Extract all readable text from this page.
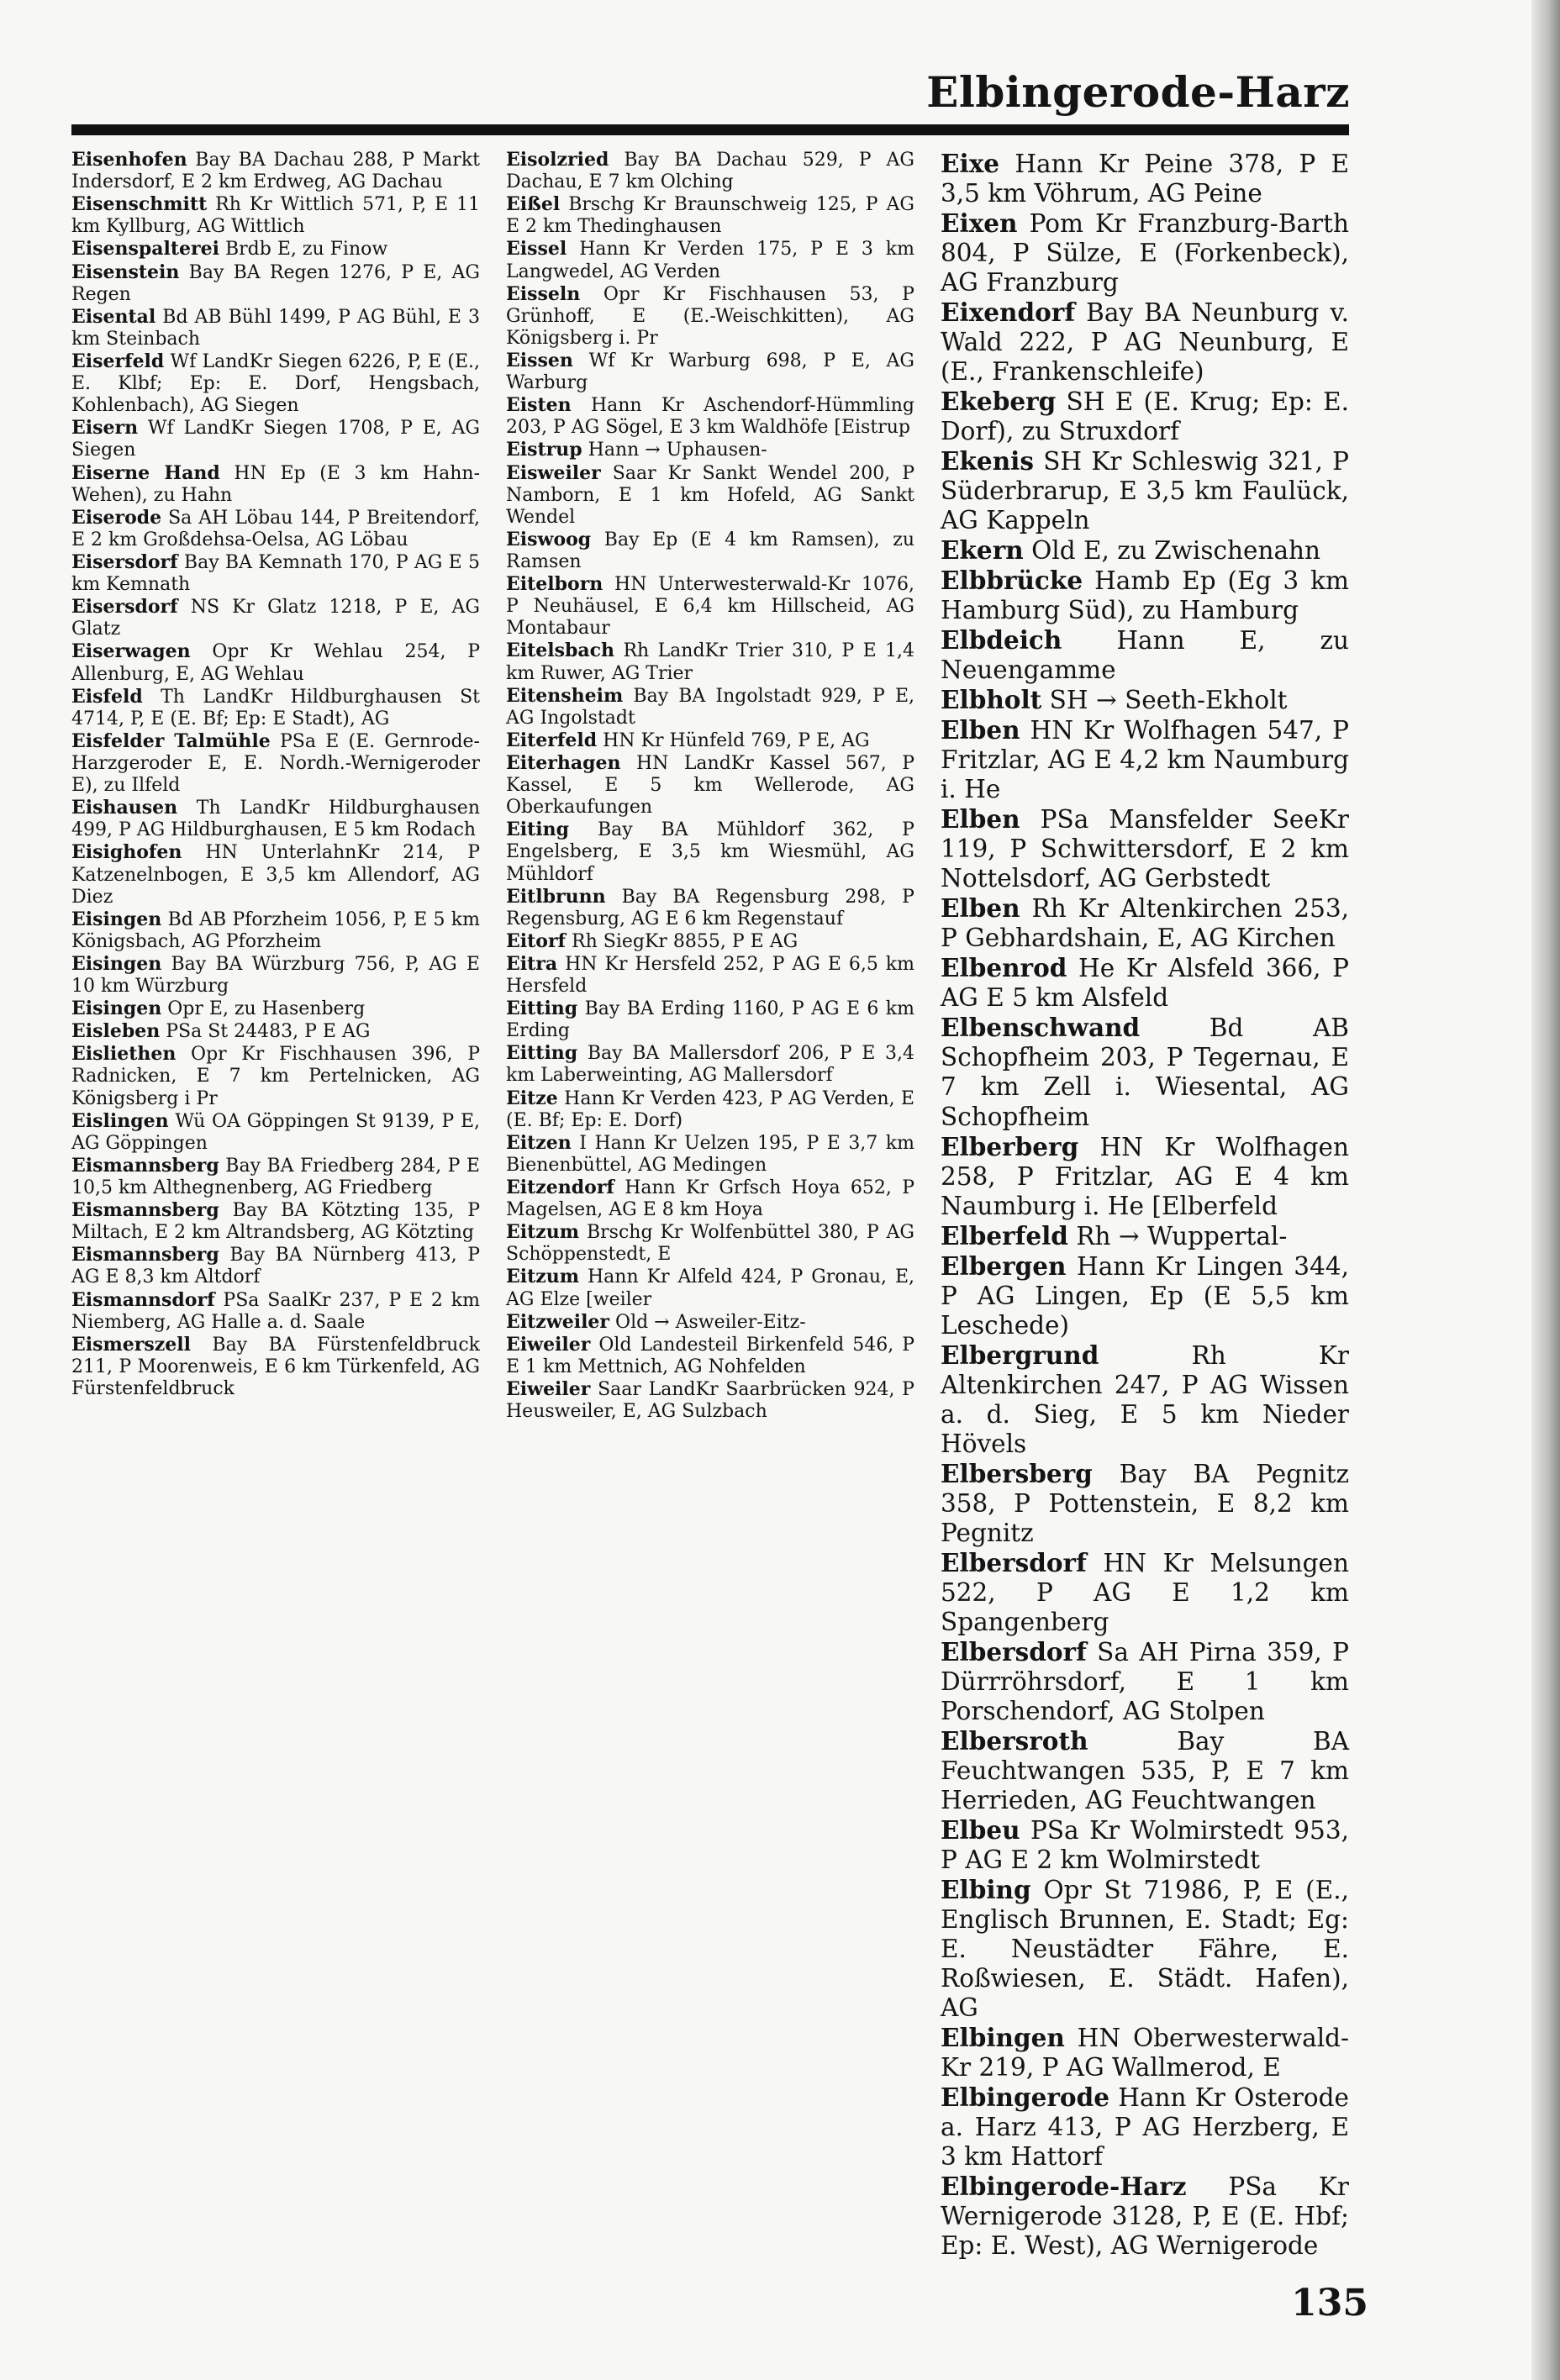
Elbingerode-Harz

Eisenhofen Bay BA Dachau 288, P Markt Indersdorf, E 2 km Erdweg, AG Dachau

Eisenschmitt Rh Kr Wittlich 571, P, E 11 km Kyllburg, AG Wittlich

Eisenspalterei Brdb E, zu Finow

Eisenstein Bay BA Regen 1276, P E, AG Regen

Eisental Bd AB Bühl 1499, P AG Bühl, E 3 km Steinbach

Eiserfeld Wf LandKr Siegen 6226, P, E (E., E. Klbf; Ep: E. Dorf, Hengsbach, Kohlenbach), AG Siegen

Eisern Wf LandKr Siegen 1708, P E, AG Siegen

Eiserne Hand HN Ep (E 3 km Hahn-Wehen), zu Hahn

Eiserode Sa AH Löbau 144, P Breitendorf, E 2 km Großdehsa-Oelsa, AG Löbau

Eisersdorf Bay BA Kemnath 170, P AG E 5 km Kemnath

Eisersdorf NS Kr Glatz 1218, P E, AG Glatz

Eiserwagen Opr Kr Wehlau 254, P Allenburg, E, AG Wehlau

Eisfeld Th LandKr Hildburghausen St 4714, P, E (E. Bf; Ep: E Stadt), AG

Eisfelder Talmühle PSa E (E. Gernrode-Harzgeroder E, E. Nordh.-Wernigeroder E), zu Ilfeld

Eishausen Th LandKr Hildburghausen 499, P AG Hildburghausen, E 5 km Rodach

Eisighofen HN UnterlahnKr 214, P Katzenelnbogen, E 3,5 km Allendorf, AG Diez

Eisingen Bd AB Pforzheim 1056, P, E 5 km Königsbach, AG Pforzheim

Eisingen Bay BA Würzburg 756, P, AG E 10 km Würzburg

Eisingen Opr E, zu Hasenberg

Eisleben PSa St 24483, P E AG

Eisliethen Opr Kr Fischhausen 396, P Radnicken, E 7 km Pertelnicken, AG Königsberg i Pr

Eislingen Wü OA Göppingen St 9139, P E, AG Göppingen

Eismannsberg Bay BA Friedberg 284, P E 10,5 km Althegnenberg, AG Friedberg

Eismannsberg Bay BA Kötzting 135, P Miltach, E 2 km Altrandsberg, AG Kötzting

Eismannsberg Bay BA Nürnberg 413, P AG E 8,3 km Altdorf

Eismannsdorf PSa SaalKr 237, P E 2 km Niemberg, AG Halle a. d. Saale

Eismerszell Bay BA Fürstenfeldbruck 211, P Moorenweis, E 6 km Türkenfeld, AG Fürstenfeldbruck

Eisolzried Bay BA Dachau 529, P AG Dachau, E 7 km Olching

Eißel Brschg Kr Braunschweig 125, P AG E 2 km Thedinghausen

Eissel Hann Kr Verden 175, P E 3 km Langwedel, AG Verden

Eisseln Opr Kr Fischhausen 53, P Grünhoff, E (E.-Weischkitten), AG Königsberg i. Pr

Eissen Wf Kr Warburg 698, P E, AG Warburg

Eisten Hann Kr Aschendorf-Hümmling 203, P AG Sögel, E 3 km Waldhöfe [Eistrup

Eistrup Hann → Uphausen-

Eisweiler Saar Kr Sankt Wendel 200, P Namborn, E 1 km Hofeld, AG Sankt Wendel

Eiswoog Bay Ep (E 4 km Ramsen), zu Ramsen

Eitelborn HN Unterwesterwald-Kr 1076, P Neuhäusel, E 6,4 km Hillscheid, AG Montabaur

Eitelsbach Rh LandKr Trier 310, P E 1,4 km Ruwer, AG Trier

Eitensheim Bay BA Ingolstadt 929, P E, AG Ingolstadt

Eiterfeld HN Kr Hünfeld 769, P E, AG

Eiterhagen HN LandKr Kassel 567, P Kassel, E 5 km Wellerode, AG Oberkaufungen

Eiting Bay BA Mühldorf 362, P Engelsberg, E 3,5 km Wiesmühl, AG Mühldorf

Eitlbrunn Bay BA Regensburg 298, P Regensburg, AG E 6 km Regenstauf

Eitorf Rh SiegKr 8855, P E AG

Eitra HN Kr Hersfeld 252, P AG E 6,5 km Hersfeld

Eitting Bay BA Erding 1160, P AG E 6 km Erding

Eitting Bay BA Mallersdorf 206, P E 3,4 km Laberweinting, AG Mallersdorf

Eitze Hann Kr Verden 423, P AG Verden, E (E. Bf; Ep: E. Dorf)

Eitzen I Hann Kr Uelzen 195, P E 3,7 km Bienenbüttel, AG Medingen

Eitzendorf Hann Kr Grfsch Hoya 652, P Magelsen, AG E 8 km Hoya

Eitzum Brschg Kr Wolfenbüttel 380, P AG Schöppenstedt, E

Eitzum Hann Kr Alfeld 424, P Gronau, E, AG Elze [weiler

Eitzweiler Old → Asweiler-Eitz-

Eiweiler Old Landesteil Birkenfeld 546, P E 1 km Mettnich, AG Nohfelden

Eiweiler Saar LandKr Saarbrücken 924, P Heusweiler, E, AG Sulzbach

Eixe Hann Kr Peine 378, P E 3,5 km Vöhrum, AG Peine

Eixen Pom Kr Franzburg-Barth 804, P Sülze, E (Forkenbeck), AG Franzburg

Eixendorf Bay BA Neunburg v. Wald 222, P AG Neunburg, E (E., Frankenschleife)

Ekeberg SH E (E. Krug; Ep: E. Dorf), zu Struxdorf

Ekenis SH Kr Schleswig 321, P Süderbrarup, E 3,5 km Faulück, AG Kappeln

Ekern Old E, zu Zwischenahn

Elbbrücke Hamb Ep (Eg 3 km Hamburg Süd), zu Hamburg

Elbdeich Hann E, zu Neuengamme

Elbholt SH → Seeth-Ekholt

Elben HN Kr Wolfhagen 547, P Fritzlar, AG E 4,2 km Naumburg i. He

Elben PSa Mansfelder SeeKr 119, P Schwittersdorf, E 2 km Nottelsdorf, AG Gerbstedt

Elben Rh Kr Altenkirchen 253, P Gebhardshain, E, AG Kirchen

Elbenrod He Kr Alsfeld 366, P AG E 5 km Alsfeld

Elbenschwand	Bd AB Schopfheim 203, P Tegernau, E 7 km Zell i. Wiesental, AG Schopfheim

Elberberg HN Kr Wolfhagen 258, P Fritzlar, AG E 4 km Naumburg i. He [Elberfeld

Elberfeld Rh → Wuppertal-

Elbergen Hann Kr Lingen 344, P AG Lingen, Ep (E 5,5 km Leschede)

Elbergrund	Rh Kr Altenkirchen 247, P AG Wissen a. d. Sieg, E 5 km Nieder Hövels

Elbersberg Bay BA Pegnitz 358, P Pottenstein, E 8,2 km Pegnitz

Elbersdorf HN Kr Melsungen 522, P AG E 1,2 km Spangenberg

Elbersdorf Sa AH Pirna 359, P Dürrröhrsdorf, E 1 km Porschendorf, AG Stolpen

Elbersroth	Bay BA Feuchtwangen 535, P, E 7 km Herrieden, AG Feuchtwangen

Elbeu PSa Kr Wolmirstedt 953, P AG E 2 km Wolmirstedt

Elbing Opr St 71986, P, E (E., Englisch Brunnen, E. Stadt; Eg: E. Neustädter Fähre, E. Roßwiesen, E. Städt. Hafen), AG

Elbingen HN Oberwesterwald-Kr 219, P AG Wallmerod, E

Elbingerode Hann Kr Osterode a. Harz 413, P AG Herzberg, E 3 km Hattorf

Elbingerode-Harz PSa Kr Wernigerode 3128, P, E (E. Hbf; Ep: E. West), AG Wernigerode

135
